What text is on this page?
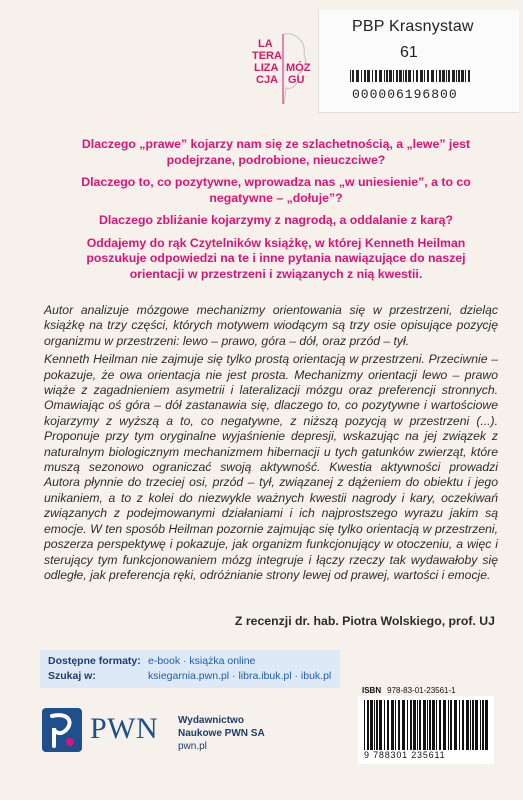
PBP Krasnystaw
61
000006196800
LA
TERA
LIZA
CJA
MÓZ
GU

Dlaczego „prawe” kojarzy nam się ze szlachetnością, a „lewe” jest podejrzane, podrobione, nieuczciwe?

Dlaczego to, co pozytywne, wprowadza nas „w uniesienie”, a to co negatywne – „dołuje”?

Dlaczego zbliżanie kojarzymy z nagrodą, a oddalanie z karą?

Oddajemy do rąk Czytelników książkę, w której Kenneth Heilman poszukuje odpowiedzi na te i inne pytania nawiązujące do naszej orientacji w przestrzeni i związanych z nią kwestii.

Autor analizuje mózgowe mechanizmy orientowania się w przestrzeni, dzieląc książkę na trzy części, których motywem wiodącym są trzy osie opisujące pozycję organizmu w przestrzeni: lewo – prawo, góra – dół, oraz przód – tył.

Kenneth Heilman nie zajmuje się tylko prostą orientacją w przestrzeni. Przeciwnie – pokazuje, że owa orientacja nie jest prosta. Mechanizmy orientacji lewo – prawo wiąże z zagadnieniem asymetrii i lateralizacji mózgu oraz preferencji stronnych. Omawiając oś góra – dół zastanawia się, dlaczego to, co pozytywne i wartościowe kojarzymy z wyższą a to, co negatywne, z niższą pozycją w przestrzeni (...). Proponuje przy tym oryginalne wyjaśnienie depresji, wskazując na jej związek z naturalnym biologicznym mechanizmem hibernacji u tych gatunków zwierząt, które muszą sezonowo ograniczać swoją aktywność. Kwestia aktywności prowadzi Autora płynnie do trzeciej osi, przód – tył, związanej z dążeniem do obiektu i jego unikaniem, a to z kolei do niezwykle ważnych kwestii nagrody i kary, oczekiwań związanych z podejmowanymi działaniami i ich najprostszego wyrazu jakim są emocje. W ten sposób Heilman pozornie zajmując się tylko orientacją w przestrzeni, poszerza perspektywę i pokazuje, jak organizm funkcjonujący w otoczeniu, a więc i sterujący tym funkcjonowaniem mózg integruje i łączy rzeczy tak wydawałoby się odległe, jak preferencja ręki, odróżnianie strony lewej od prawej, wartości i emocje.

Z recenzji dr. hab. Piotra Wolskiego, prof. UJ
Dostępne formaty: e-book · książka online
Szukaj w:	ksiegarnia.pwn.pl · libra.ibuk.pl · ibuk.pl
PWN Wydawnictwo
Naukowe PWN SA
pwn.pl
ISBN 978-83-01-23561-1
9 788301 235611
